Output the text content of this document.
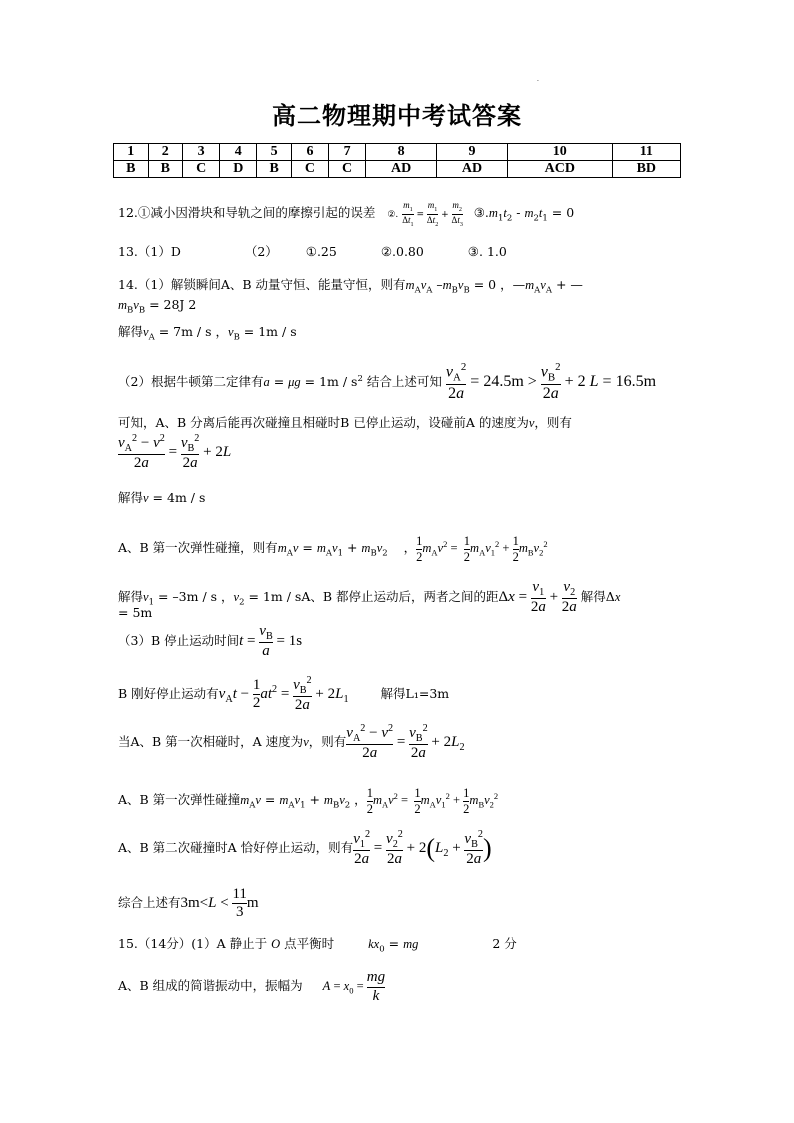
·
高二物理期中考试答案
1	2	3	4	5	6	7	8	9	10	11
B	B	C	D	B	C	C	AD	AD	ACD	BD
12.①减小因滑块和导轨之间的摩擦引起的误差 ②. $\frac{m_1}{\Delta t_1} = \frac{m_1}{\Delta t_2} + \frac{m_2}{\Delta t_3}$ $③.m_1t_2 - m_2t_1 = 0$
13.（1）D	（2） ①.25	②.0.80	③. 1.0
14.（1）解锁瞬间A、B 动量守恒、能量守恒，则有$m_Av_A$ $-m_Bv_B = 0$ ，$—m_Av_A$ + —
$m_Bv_B = 28J$ 2
解得$v_A = 7m / s$ ，$v_B = 1m / s$
（2）根据牛顿第二定律有$a = \mu g = 1m / s^2$ 结合上述可知 $\frac{v_A^2}{2a} = 24.5m > \frac{v_B^2}{2a} + 2$ L = 16.5m
可知，A、B 分离后能再次碰撞且相碰时B 已停止运动，设碰前A 的速度为v，则有
$\frac{v_A^2 - v^2}{2a} = \frac{v_B^2}{2a} + 2L$
解得v = 4m / s
A、B 第一次弹性碰撞，则有$m_Av = m_Av_1 + m_Bv_2$ ， $\frac{1}{2} m_Av^2 = \frac{1}{2} m_Av_1^2 + \frac{1}{2} m_Bv_2^2$
解得$v_1 = -3m / s$ ，$v_2 = 1m$ / sA、B 都停止运动后，两者之间的距$\Delta x = \frac{v_1}{2a} + \frac{v_2}{2a}$ 解得Δx
= 5m
（3）B 停止运动时间$t = \frac{v_B}{a} = 1s$
B 刚好停止运动有$v_At - \frac{1}{2} at^2 = \frac{v_B^2}{2a} + 2L_1$	解得L₁=3m
当A、B 第一次相碰时，A 速度为v，则有 $\frac{v_A^2 - v^2}{2a} = \frac{v_B^2}{2a} + 2L_2$
A、B 第一次弹性碰撞$m_Av = m_Av_1 + m_Bv_2$ ， $\frac{1}{2} m_Av^2 = \frac{1}{2} m_Av_1^2 + \frac{1}{2} m_Bv_2^2$
A、B 第二次碰撞时A 恰好停止运动，则有 $\frac{v_1^2}{2a} = \frac{v_2^2}{2a} + 2(L_2 + \frac{v_B^2}{2a}$ )
综合上述有$3m<L < \frac{11}{3}$ m
15.（14分）(1）A 静止于 O 点平衡时	$kx_0$ = mg	2 分
A、B 组成的简谐振动中，振幅为 $A = x_0 = \frac{mg}{k}$
